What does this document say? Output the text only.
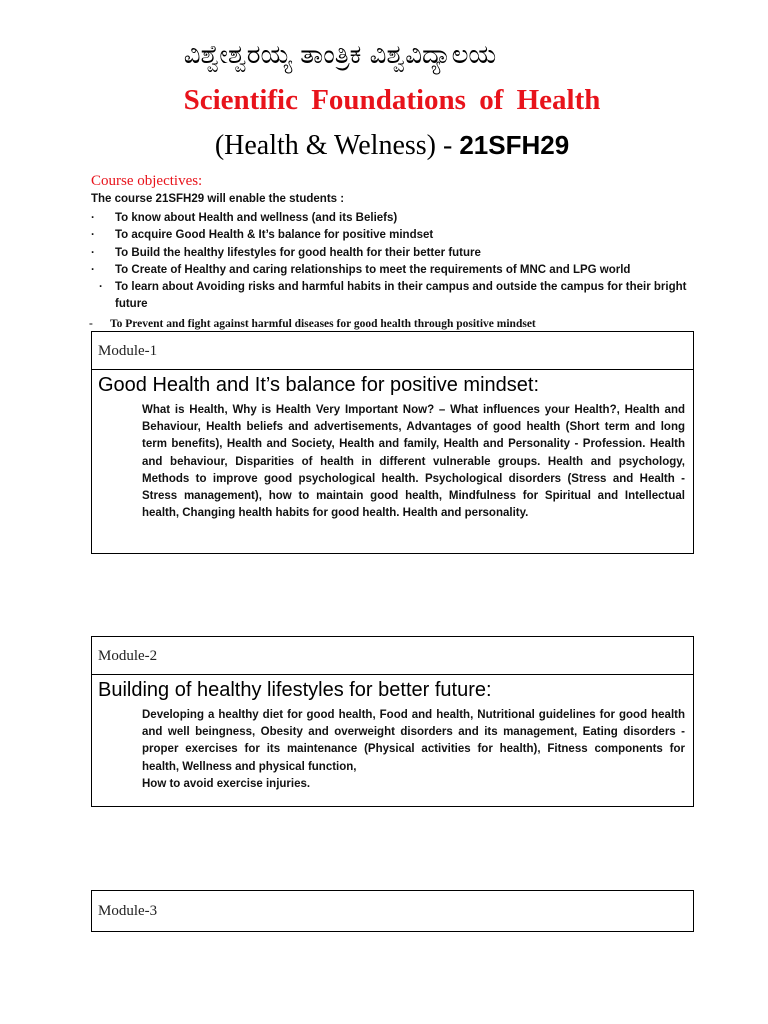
ವಿಶ್ವೇಶ್ವರಯ್ಯ ತಾಂತ್ರಿಕ ವಿಶ್ವವಿದ್ಯಾಲಯ
Scientific Foundations of Health
(Health & Welness) - 21SFH29
Course objectives:
The course 21SFH29 will enable the students :
· To know about Health and wellness (and its Beliefs)
· To acquire Good Health & It’s balance for positive mindset
· To Build the healthy lifestyles for good health for their better future
· To Create of Healthy and caring relationships to meet the requirements of MNC and LPG world
· To learn about Avoiding risks and harmful habits in their campus and outside the campus for their bright future
- To Prevent and fight against harmful diseases for good health through positive mindset
Module-1
Good Health and It’s balance for positive mindset:
What is Health, Why is Health Very Important Now? – What influences your Health?, Health and Behaviour, Health beliefs and advertisements, Advantages of good health (Short term and long term benefits), Health and Society, Health and family, Health and Personality - Profession. Health and behaviour, Disparities of health in different vulnerable groups. Health and psychology, Methods to improve good psychological health. Psychological disorders (Stress and Health - Stress management), how to maintain good health, Mindfulness for Spiritual and Intellectual health, Changing health habits for good health. Health and personality.
Module-2
Building of healthy lifestyles for better future:
Developing a healthy diet for good health, Food and health, Nutritional guidelines for good health and well beingness, Obesity and overweight disorders and its management, Eating disorders - proper exercises for its maintenance (Physical activities for health), Fitness components for health, Wellness and physical function,
How to avoid exercise injuries.
Module-3
